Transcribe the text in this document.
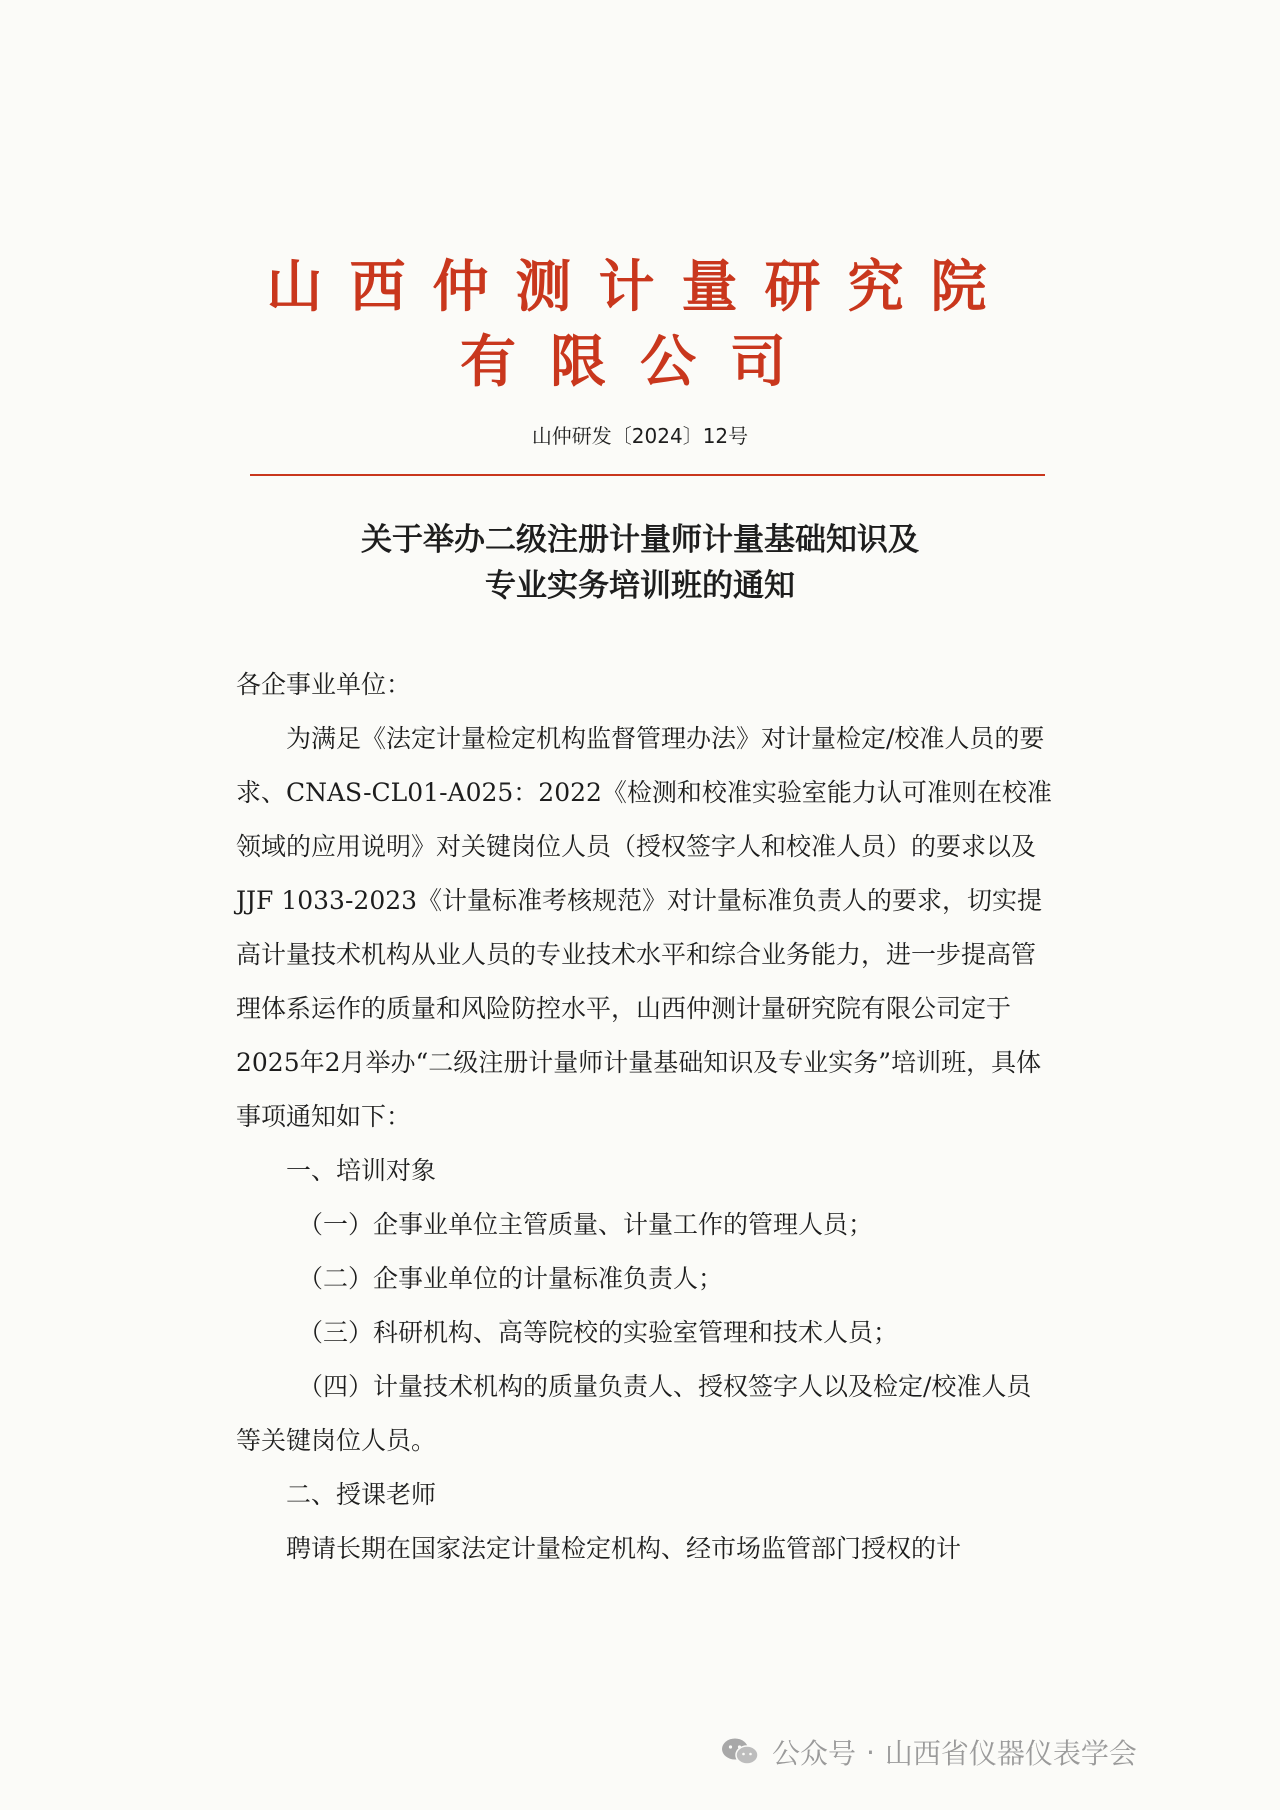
山西仲测计量研究院
有限公司
山仲研发〔2024〕12号
关于举办二级注册计量师计量基础知识及
专业实务培训班的通知

各企事业单位：

为满足《法定计量检定机构监督管理办法》对计量检定/校准人员的要求、CNAS-CL01-A025：2022《检测和校准实验室能力认可准则在校准领域的应用说明》对关键岗位人员（授权签字人和校准人员）的要求以及JJF 1033-2023《计量标准考核规范》对计量标准负责人的要求，切实提高计量技术机构从业人员的专业技术水平和综合业务能力，进一步提高管理体系运作的质量和风险防控水平，山西仲测计量研究院有限公司定于2025年2月举办“二级注册计量师计量基础知识及专业实务”培训班，具体事项通知如下：

一、培训对象

（一）企事业单位主管质量、计量工作的管理人员；

（二）企事业单位的计量标准负责人；

（三）科研机构、高等院校的实验室管理和技术人员；

（四）计量技术机构的质量负责人、授权签字人以及检定/校准人员等关键岗位人员。

二、授课老师

聘请长期在国家法定计量检定机构、经市场监管部门授权的计

公众号 · 山西省仪器仪表学会
